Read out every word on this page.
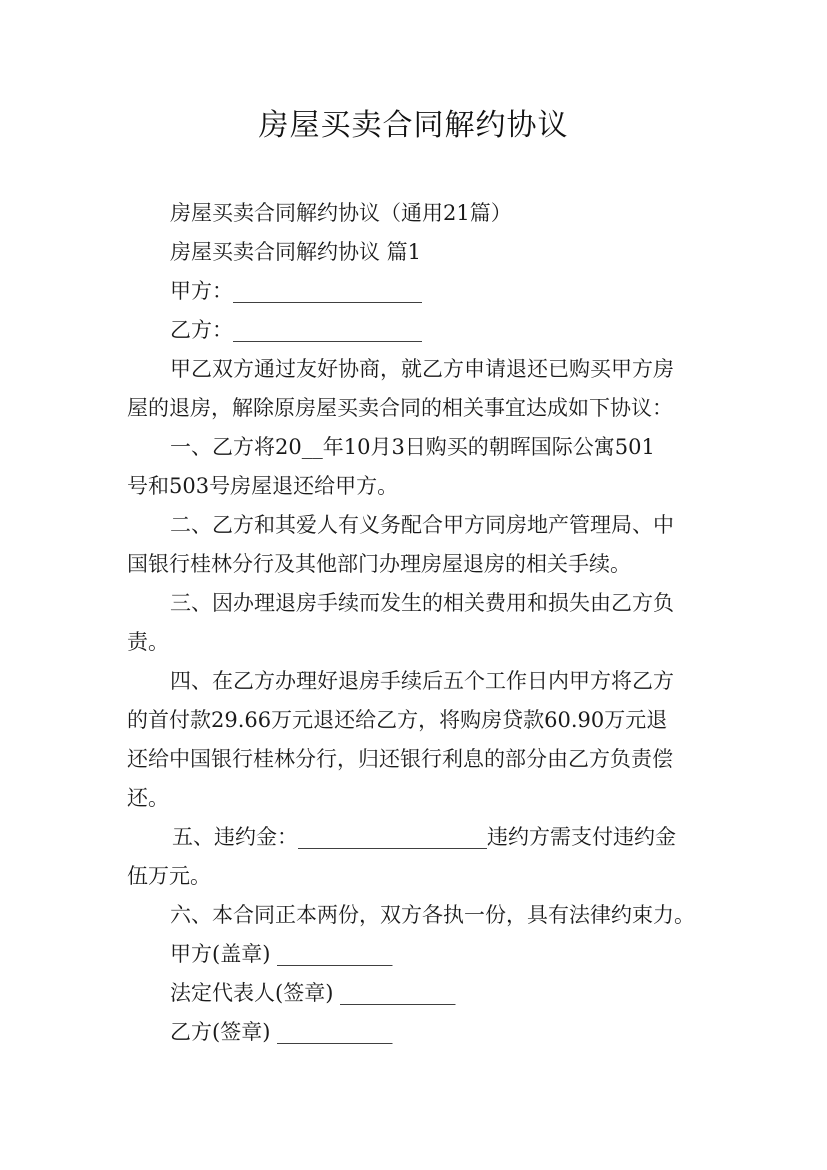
房屋买卖合同解约协议
房屋买卖合同解约协议（通用21篇）
房屋买卖合同解约协议 篇1
甲方：__________________
乙方：__________________
甲乙双方通过友好协商，就乙方申请退还已购买甲方房
屋的退房，解除原房屋买卖合同的相关事宜达成如下协议：
一、乙方将20__年10月3日购买的朝晖国际公寓501
号和503号房屋退还给甲方。
二、乙方和其爱人有义务配合甲方同房地产管理局、中
国银行桂林分行及其他部门办理房屋退房的相关手续。
三、因办理退房手续而发生的相关费用和损失由乙方负
责。
四、在乙方办理好退房手续后五个工作日内甲方将乙方
的首付款29.66万元退还给乙方，将购房贷款60.90万元退
还给中国银行桂林分行，归还银行利息的部分由乙方负责偿
还。
五、违约金：__________________违约方需支付违约金
伍万元。
六、本合同正本两份，双方各执一份，具有法律约束力。
甲方(盖章) ___________
法定代表人(签章) ___________
乙方(签章) ___________
